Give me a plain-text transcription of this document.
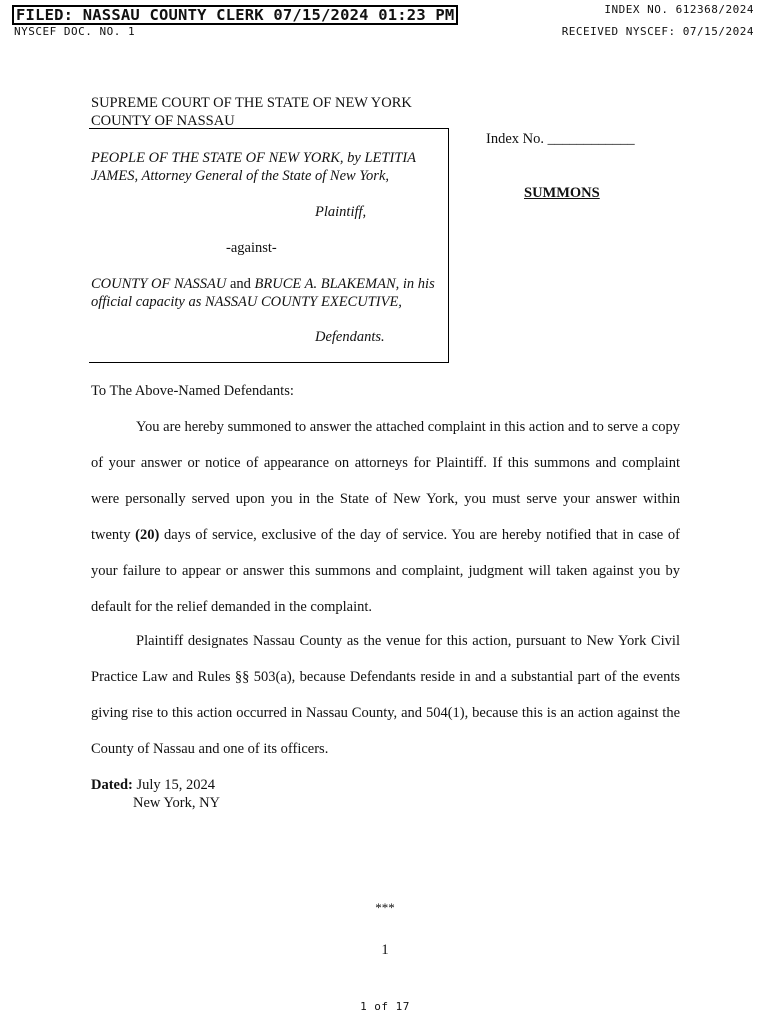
FILED: NASSAU COUNTY CLERK 07/15/2024 01:23 PM
NYSCEF DOC. NO. 1
INDEX NO. 612368/2024
RECEIVED NYSCEF: 07/15/2024
SUPREME COURT OF THE STATE OF NEW YORK
COUNTY OF NASSAU
PEOPLE OF THE STATE OF NEW YORK, by LETITIA JAMES, Attorney General of the State of New York,
Plaintiff,
-against-
COUNTY OF NASSAU and BRUCE A. BLAKEMAN, in his official capacity as NASSAU COUNTY EXECUTIVE,
Defendants.
Index No. ____________
SUMMONS
To The Above-Named Defendants:

You are hereby summoned to answer the attached complaint in this action and to serve a copy of your answer or notice of appearance on attorneys for Plaintiff. If this summons and complaint were personally served upon you in the State of New York, you must serve your answer within twenty (20) days of service, exclusive of the day of service. You are hereby notified that in case of your failure to appear or answer this summons and complaint, judgment will taken against you by default for the relief demanded in the complaint.

Plaintiff designates Nassau County as the venue for this action, pursuant to New York Civil Practice Law and Rules §§ 503(a), because Defendants reside in and a substantial part of the events giving rise to this action occurred in Nassau County, and 504(1), because this is an action against the County of Nassau and one of its officers.

Dated: July 15, 2024
New York, NY
***
1
1 of 17
